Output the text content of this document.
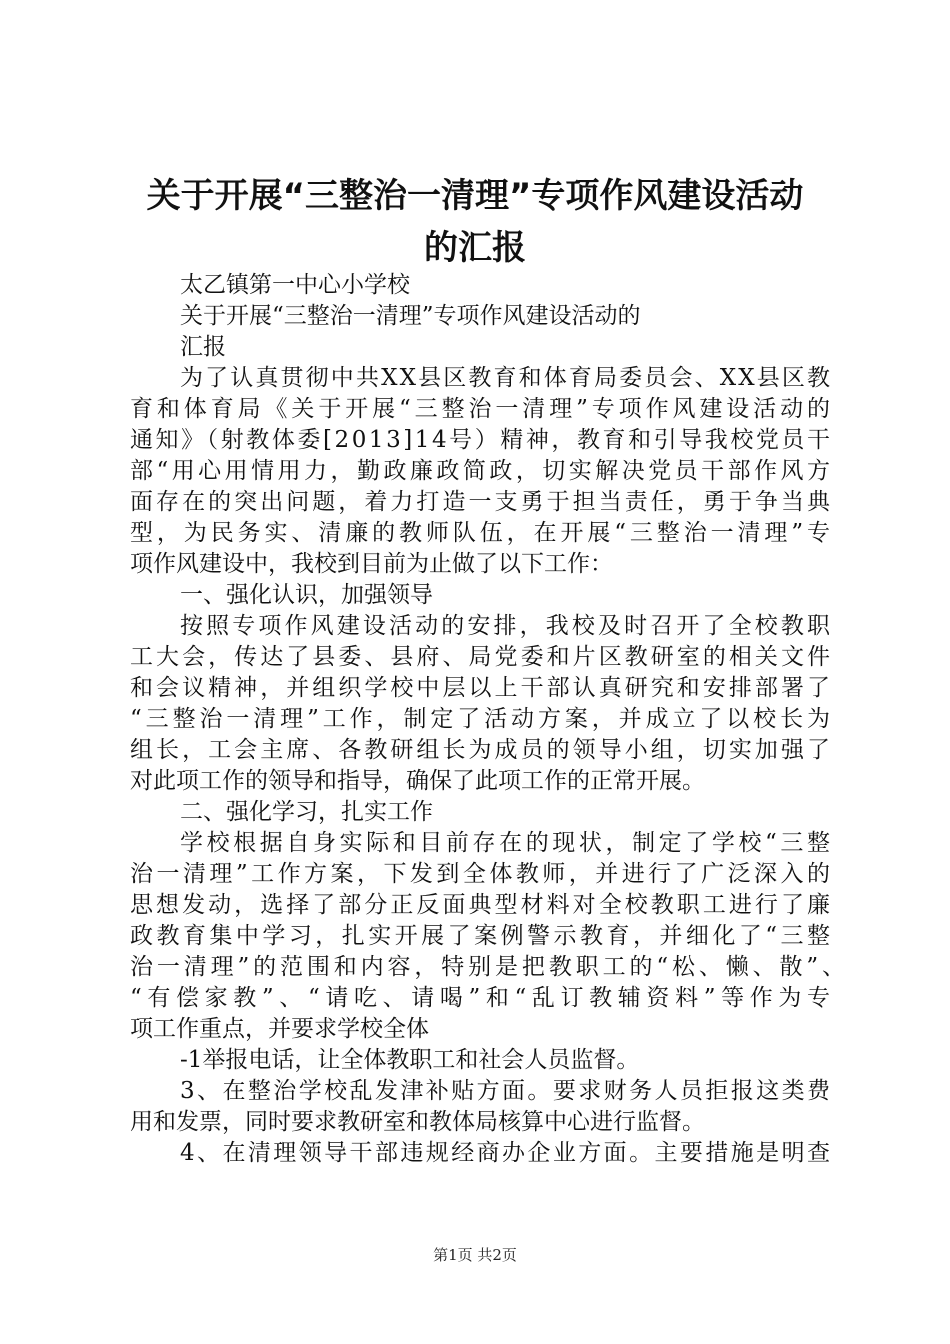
关于开展“三整治一清理”专项作风建设活动
的汇报
太乙镇第一中心小学校
关于开展“三整治一清理”专项作风建设活动的
汇报
为了认真贯彻中共XX县区教育和体育局委员会、XX县区教
育和体育局《关于开展“三整治一清理”专项作风建设活动的
通知》（射教体委[2013]14号）精神，教育和引导我校党员干
部“用心用情用力，勤政廉政简政，切实解决党员干部作风方
面存在的突出问题，着力打造一支勇于担当责任，勇于争当典
型，为民务实、清廉的教师队伍，在开展“三整治一清理”专
项作风建设中，我校到目前为止做了以下工作：
一、强化认识，加强领导
按照专项作风建设活动的安排，我校及时召开了全校教职
工大会，传达了县委、县府、局党委和片区教研室的相关文件
和会议精神，并组织学校中层以上干部认真研究和安排部署了
“三整治一清理”工作，制定了活动方案，并成立了以校长为
组长，工会主席、各教研组长为成员的领导小组，切实加强了
对此项工作的领导和指导，确保了此项工作的正常开展。
二、强化学习，扎实工作
学校根据自身实际和目前存在的现状，制定了学校“三整
治一清理”工作方案，下发到全体教师，并进行了广泛深入的
思想发动，选择了部分正反面典型材料对全校教职工进行了廉
政教育集中学习，扎实开展了案例警示教育，并细化了“三整
治一清理”的范围和内容，特别是把教职工的“松、懒、散”、
“有偿家教”、“请吃、请喝”和“乱订教辅资料”等作为专
项工作重点，并要求学校全体
-1举报电话，让全体教职工和社会人员监督。
3、在整治学校乱发津补贴方面。要求财务人员拒报这类费
用和发票，同时要求教研室和教体局核算中心进行监督。
4、在清理领导干部违规经商办企业方面。主要措施是明查
第1页 共2页
